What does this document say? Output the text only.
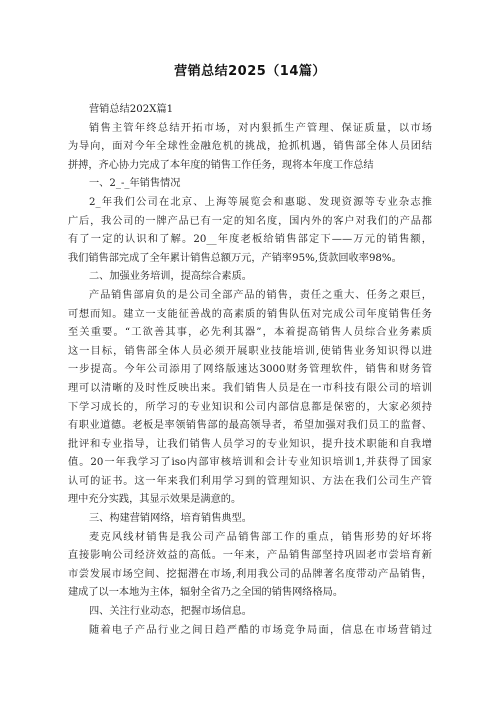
营销总结2025（14篇）
营销总结202X篇1
销售主管年终总结开拓市场，对内狠抓生产管理、保证质量，以市场
为导向，面对今年全球性金融危机的挑战，抢抓机遇，销售部全体人员团结
拼搏，齐心协力完成了本年度的销售工作任务，现将本年度工作总结
一、2_-_年销售情况
2_年我们公司在北京、上海等展览会和惠聪、发现资源等专业杂志推
广后，我公司的一牌产品已有一定的知名度，国内外的客户对我们的产品都
有了一定的认识和了解。20__年度老板给销售部定下——万元的销售额，
我们销售部完成了全年累计销售总额万元，产销率95%,货款回收率98%。
二、加强业务培训，提高综合素质。
产品销售部肩负的是公司全部产品的销售，责任之重大、任务之艰巨，
可想而知。建立一支能征善战的高素质的销售队伍对完成公司年度销售任务
至关重要。“工欲善其事，必先利其器”，本着提高销售人员综合业务素质
这一目标，销售部全体人员必须开展职业技能培训,使销售业务知识得以进
一步提高。今年公司添用了网络版速达3000财务管理软件，销售和财务管
理可以清晰的及时性反映出来。我们销售人员是在一市科技有限公司的培训
下学习成长的，所学习的专业知识和公司内部信息都是保密的，大家必须持
有职业道德。老板是率领销售部的最高领导者，希望加强对我们员工的监督、
批评和专业指导，让我们销售人员学习的专业知识，提升技术职能和自我增
值。20一年我学习了iso内部审核培训和会计专业知识培训1,并获得了国家
认可的证书。这一年来我们利用学习到的管理知识、方法在我们公司生产管
理中充分实践，其显示效果是满意的。
三、构建营销网络，培育销售典型。
麦克风线材销售是我公司产品销售部工作的重点，销售形势的好坏将
直接影响公司经济效益的高低。一年来，产品销售部坚持巩固老市尝培育新
市尝发展市场空间、挖掘潜在市场,利用我公司的品牌著名度带动产品销售，
建成了以一本地为主体，辐射全省乃之全国的销售网络格局。
四、关注行业动态，把握市场信息。
随着电子产品行业之间日趋严酷的市场竞争局面，信息在市场营销过
